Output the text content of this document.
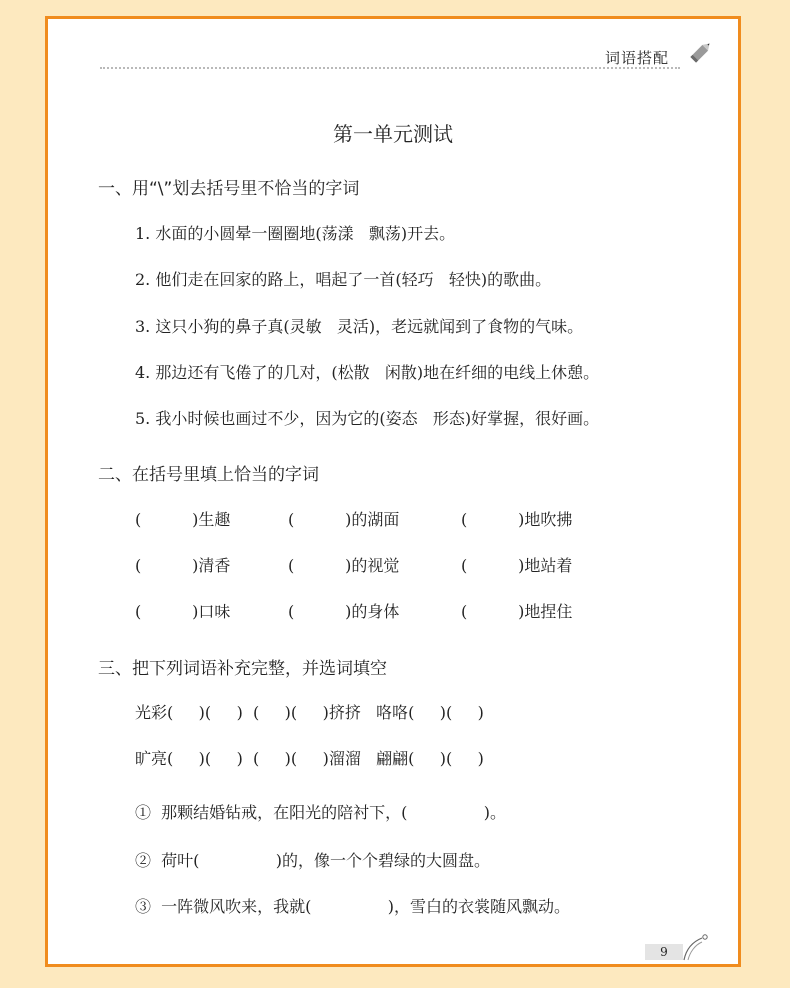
词语搭配
第一单元测试
一、用“\”划去括号里不恰当的字词
1. 水面的小圆晕一圈圈地(荡漾   飘荡)开去。
2. 他们走在回家的路上，唱起了一首(轻巧   轻快)的歌曲。
3. 这只小狗的鼻子真(灵敏   灵活)，老远就闻到了食物的气味。
4. 那边还有飞倦了的几对，(松散   闲散)地在纤细的电线上休憩。
5. 我小时候也画过不少，因为它的(姿态   形态)好掌握，很好画。
二、在括号里填上恰当的字词
(          )生趣	(          )的湖面	(          )地吹拂
(          )清香	(          )的视觉	(          )地站着
(          )口味	(          )的身体	(          )地捏住
三、把下列词语补充完整，并选词填空
光彩(     )(     )  (     )(     )挤挤   咯咯(     )(     )
旷亮(     )(     )  (     )(     )溜溜   翩翩(     )(     )
①  那颗结婚钻戒，在阳光的陪衬下，(               )。
②  荷叶(               )的，像一个个碧绿的大圆盘。
③  一阵微风吹来，我就(               )，雪白的衣裳随风飘动。
9
